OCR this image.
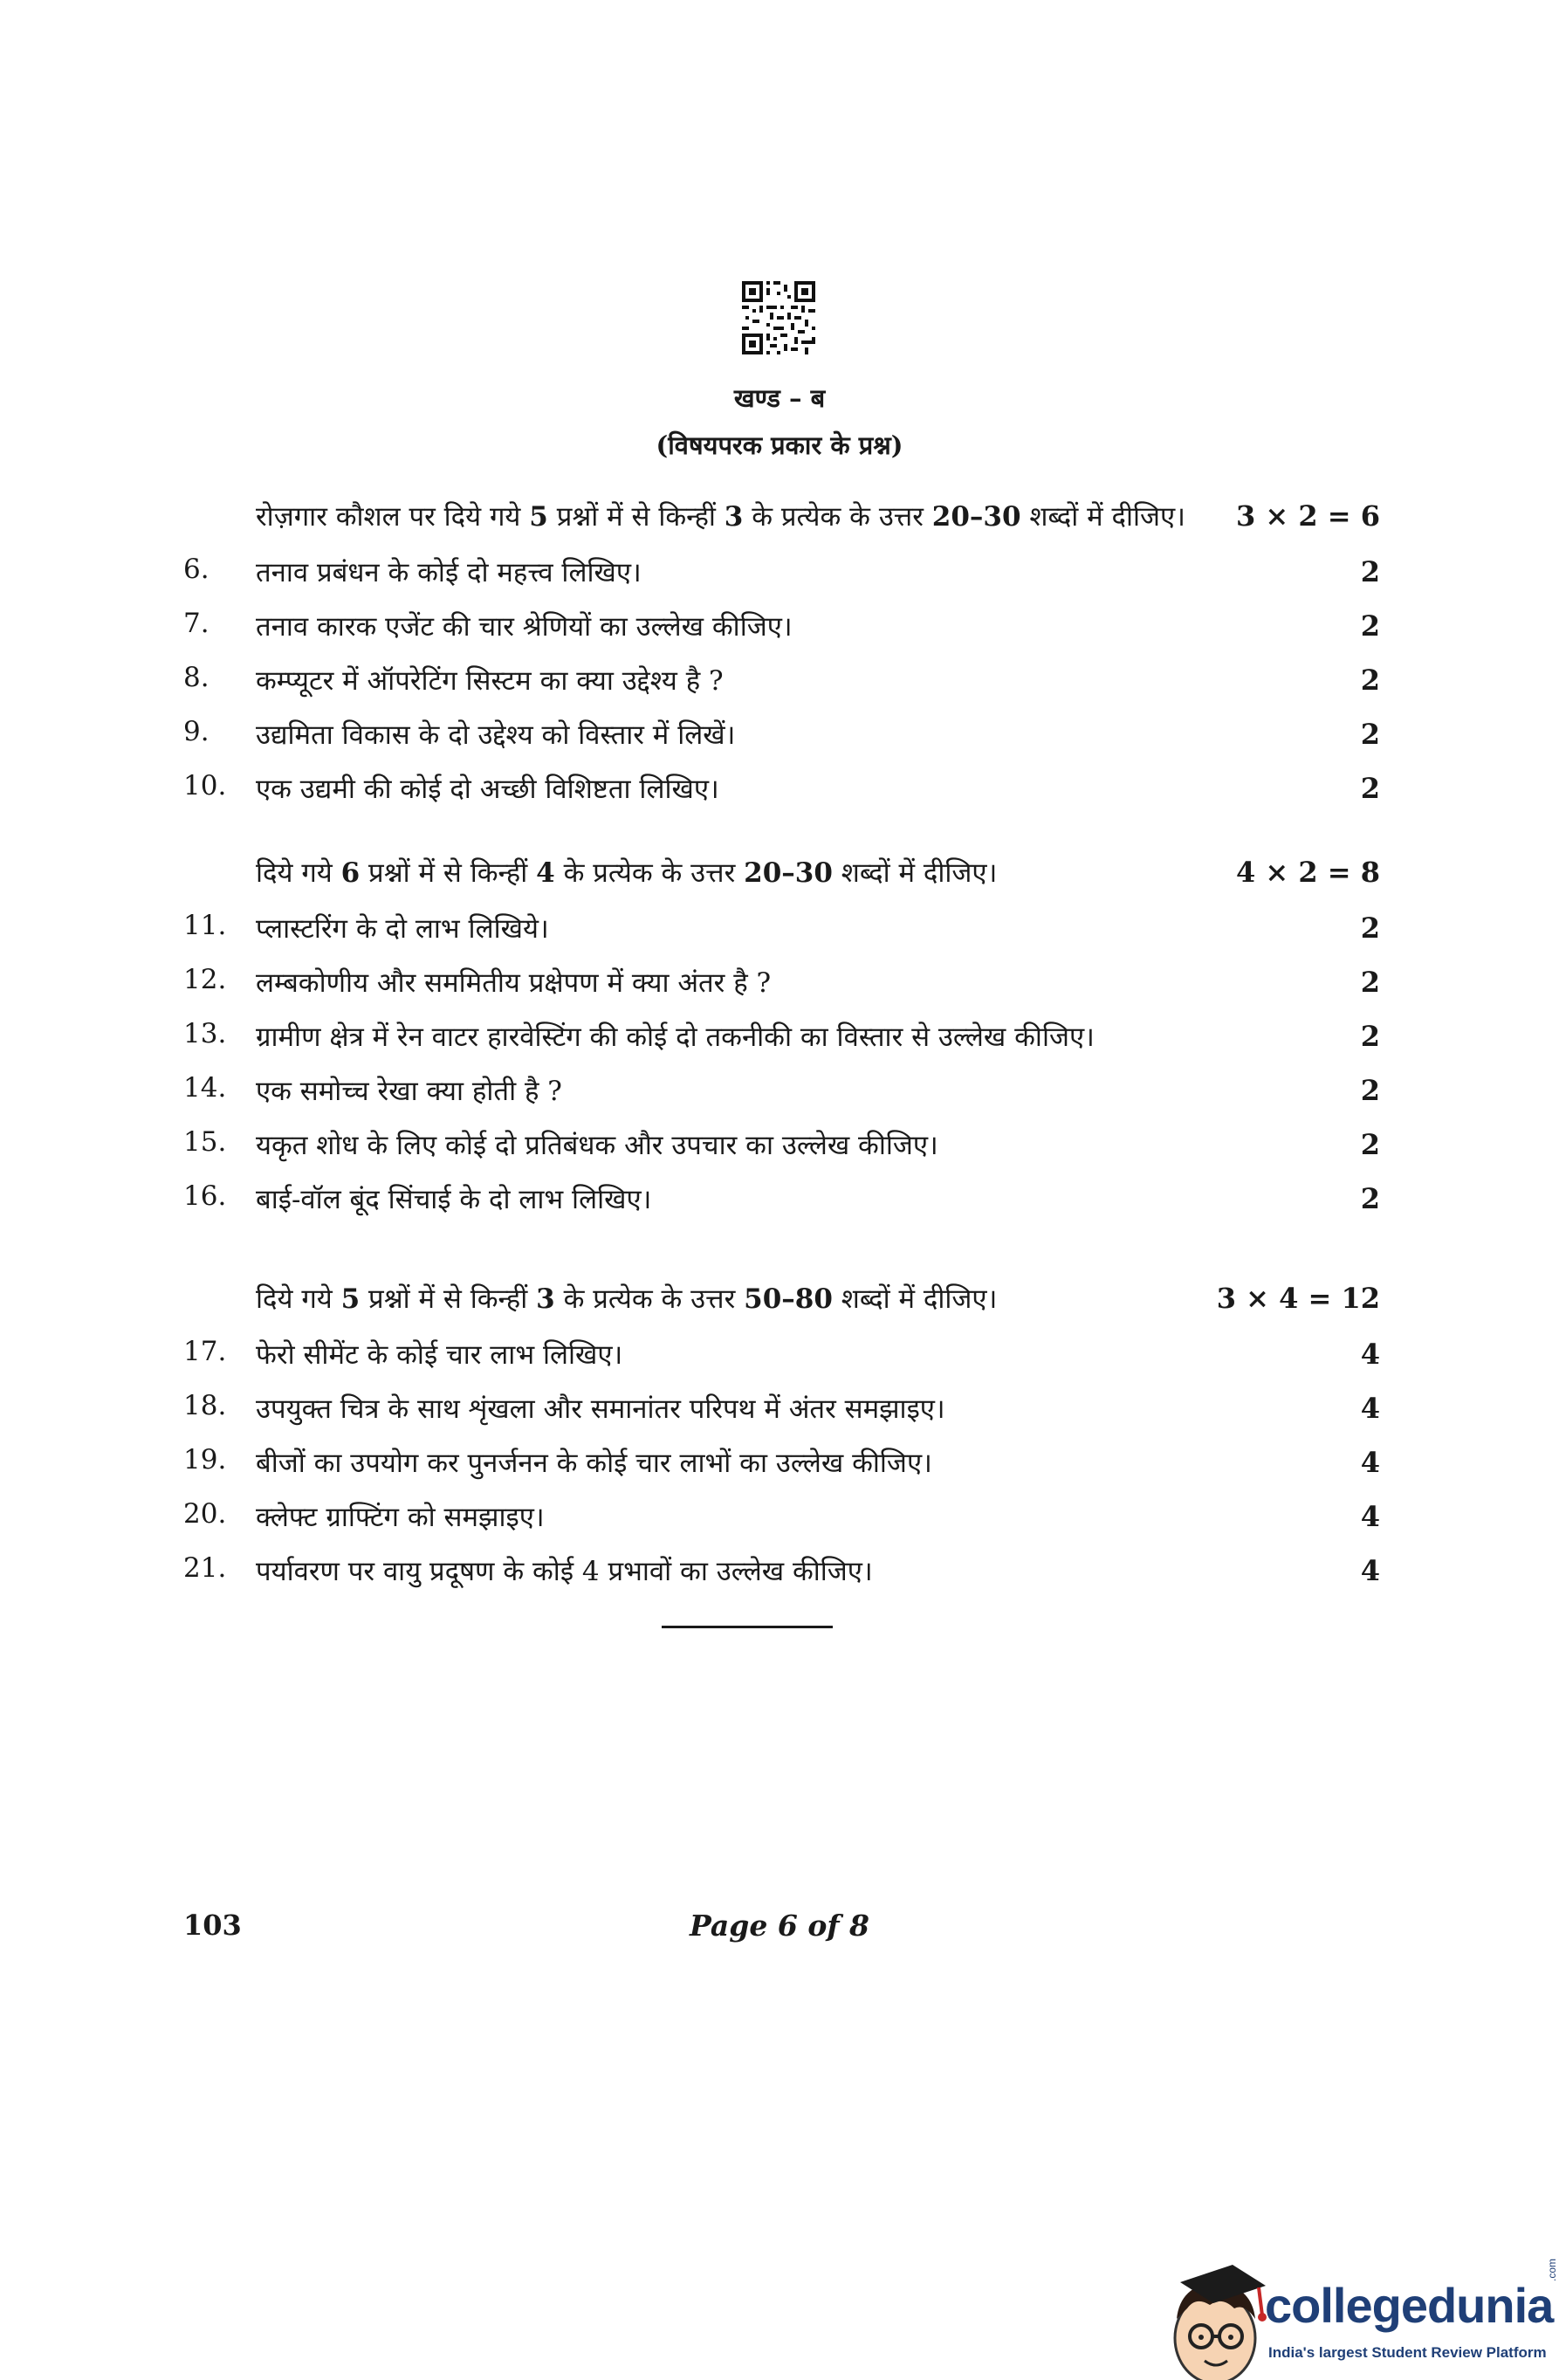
खण्ड – ब
(विषयपरक प्रकार के प्रश्न)
रोज़गार कौशल पर दिये गये 5 प्रश्नों में से किन्हीं 3 के प्रत्येक के उत्तर 20–30 शब्दों में दीजिए। 3 × 2 = 6
6.	तनाव प्रबंधन के कोई दो महत्त्व लिखिए।	2
7.	तनाव कारक एजेंट की चार श्रेणियों का उल्लेख कीजिए।	2
8.	कम्प्यूटर में ऑपरेटिंग सिस्टम का क्या उद्देश्य है ?	2
9.	उद्यमिता विकास के दो उद्देश्य को विस्तार में लिखें।	2
10.	एक उद्यमी की कोई दो अच्छी विशिष्टता लिखिए।	2
दिये गये 6 प्रश्नों में से किन्हीं 4 के प्रत्येक के उत्तर 20–30 शब्दों में दीजिए।	4 × 2 = 8
11.	प्लास्टरिंग के दो लाभ लिखिये।	2
12.	लम्बकोणीय और सममितीय प्रक्षेपण में क्या अंतर है ?	2
13.	ग्रामीण क्षेत्र में रेन वाटर हारवेस्टिंग की कोई दो तकनीकी का विस्तार से उल्लेख कीजिए।	2
14.	एक समोच्च रेखा क्या होती है ?	2
15.	यकृत शोध के लिए कोई दो प्रतिबंधक और उपचार का उल्लेख कीजिए।	2
16.	बाई-वॉल बूंद सिंचाई के दो लाभ लिखिए।	2
दिये गये 5 प्रश्नों में से किन्हीं 3 के प्रत्येक के उत्तर 50–80 शब्दों में दीजिए।	3 × 4 = 12
17.	फेरो सीमेंट के कोई चार लाभ लिखिए।	4
18.	उपयुक्त चित्र के साथ शृंखला और समानांतर परिपथ में अंतर समझाइए।	4
19.	बीजों का उपयोग कर पुनर्जनन के कोई चार लाभों का उल्लेख कीजिए।	4
20.	क्लेफ्ट ग्राफ्टिंग को समझाइए।	4
21.	पर्यावरण पर वायु प्रदूषण के कोई 4 प्रभावों का उल्लेख कीजिए।	4
103	Page 6 of 8
collegedunia
.com
India's largest Student Review Platform
